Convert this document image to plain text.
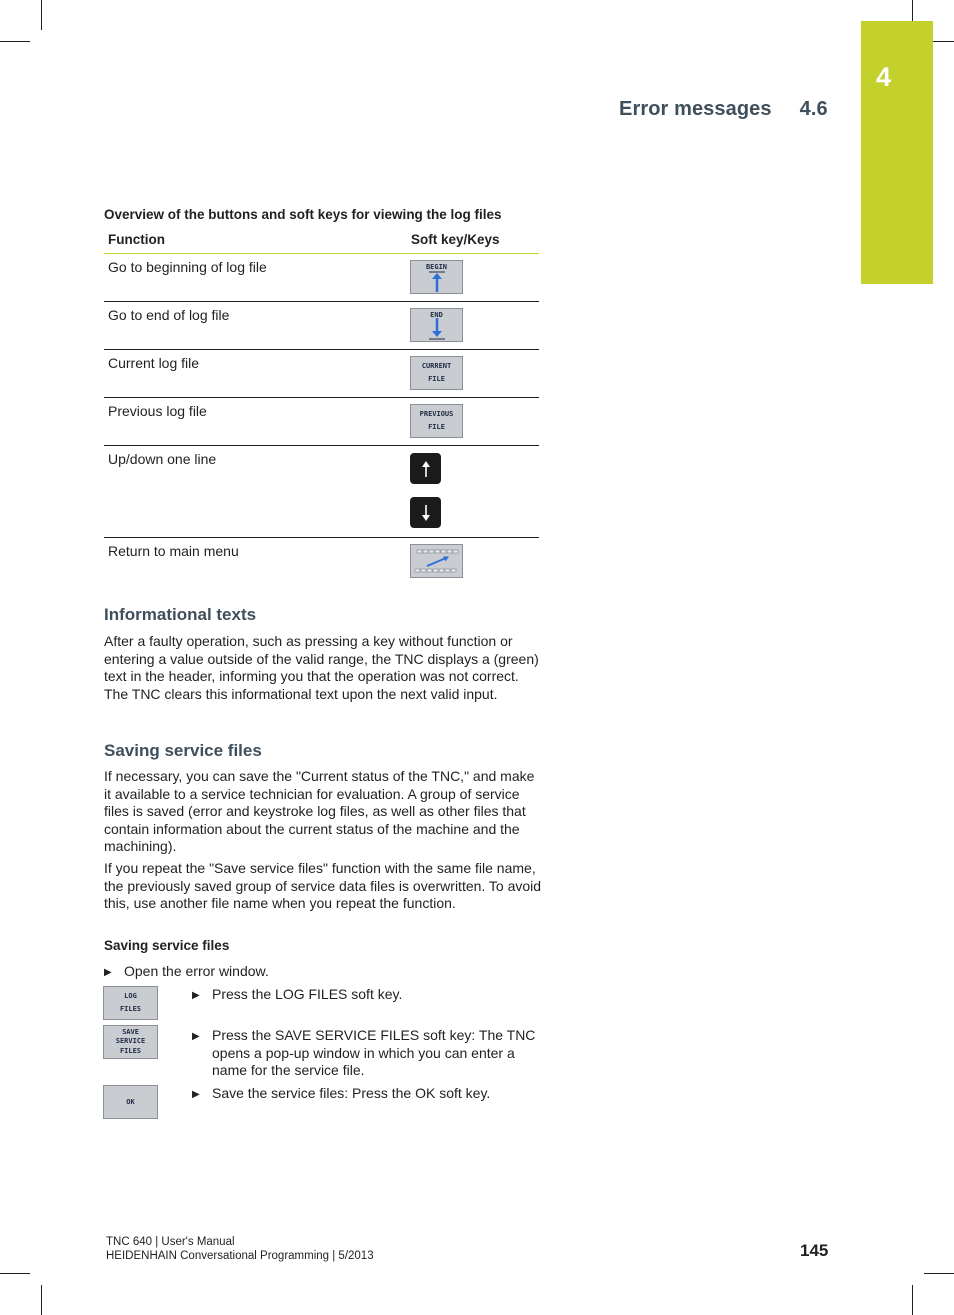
4
Error messages 4.6
Overview of the buttons and soft keys for viewing the log files
Function	Soft key/Keys
Go to beginning of log file	BEGIN
Go to end of log file	END
Current log file	CURRENT
FILE
Previous log file	PREVIOUS
FILE
Up/down one line
Return to main menu
Informational texts

After a faulty operation, such as pressing a key without function or entering a value outside of the valid range, the TNC displays a (green) text in the header, informing you that the operation was not correct. The TNC clears this informational text upon the next valid input.

Saving service files

If necessary, you can save the "Current status of the TNC," and make it available to a service technician for evaluation. A group of service files is saved (error and keystroke log files, as well as other files that contain information about the current status of the machine and the machining).

If you repeat the "Save service files" function with the same file name, the previously saved group of service data files is overwritten. To avoid this, use another file name when you repeat the function.

Saving service files
▶ Open the error window.
LOG
FILES
▶ Press the LOG FILES soft key.
SAVE
SERVICE
FILES
▶ Press the SAVE SERVICE FILES soft key: The TNC opens a pop-up window in which you can enter a name for the service file.
OK
▶ Save the service files: Press the OK soft key.
TNC 640 | User's Manual
HEIDENHAIN Conversational Programming | 5/2013	145
